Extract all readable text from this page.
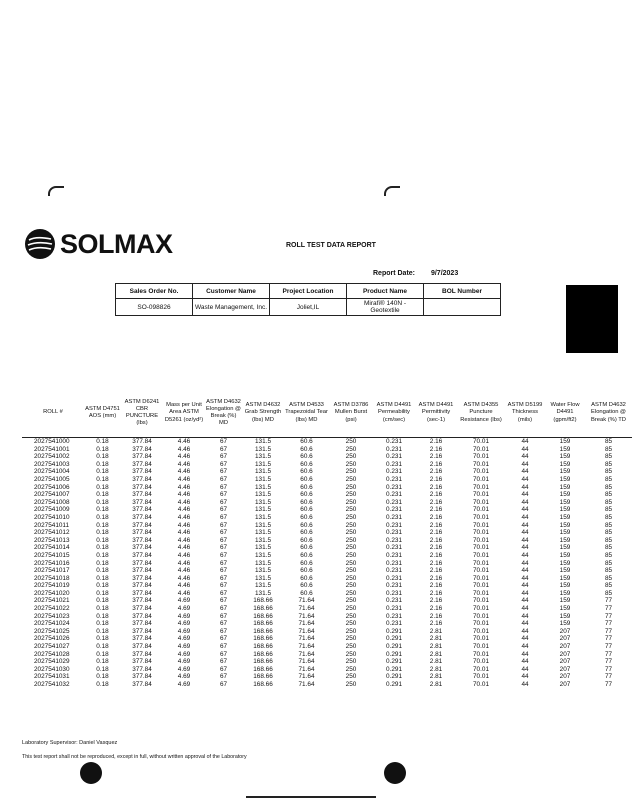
SOLMAX	ROLL TEST DATA REPORT
Report Date: 9/7/2023
Sales Order No.	Customer Name	Project Location	Product Name	BOL Number
SO-098826	Waste Management, Inc.	Joliet,IL	Mirafi® 140N - Geotextile	
ROLL #	ASTM D4751 AOS (mm)	ASTM D6241 CBR PUNCTURE (lbs)	Mass per Unit Area ASTM D5261 (oz/yd²)	ASTM D4632 Elongation @ Break (%) MD	ASTM D4632 Grab Strength (lbs) MD	ASTM D4533 Trapezoidal Tear (lbs) MD	ASTM D3786 Mullen Burst (psi)	ASTM D4491 Permeability (cm/sec)	ASTM D4491 Permittivity (sec-1)	ASTM D4355 Puncture Resistance (lbs)	ASTM D5199 Thickness (mils)	Water Flow D4491 (gpm/ft2)	ASTM D4632 Elongation @ Break (%) TD
2027541000	0.18	377.84	4.46	67	131.5	60.6	250	0.231	2.16	70.01	44	159	85
2027541001	0.18	377.84	4.46	67	131.5	60.6	250	0.231	2.16	70.01	44	159	85
2027541002	0.18	377.84	4.46	67	131.5	60.6	250	0.231	2.16	70.01	44	159	85
2027541003	0.18	377.84	4.46	67	131.5	60.6	250	0.231	2.16	70.01	44	159	85
2027541004	0.18	377.84	4.46	67	131.5	60.6	250	0.231	2.16	70.01	44	159	85
2027541005	0.18	377.84	4.46	67	131.5	60.6	250	0.231	2.16	70.01	44	159	85
2027541006	0.18	377.84	4.46	67	131.5	60.6	250	0.231	2.16	70.01	44	159	85
2027541007	0.18	377.84	4.46	67	131.5	60.6	250	0.231	2.16	70.01	44	159	85
2027541008	0.18	377.84	4.46	67	131.5	60.6	250	0.231	2.16	70.01	44	159	85
2027541009	0.18	377.84	4.46	67	131.5	60.6	250	0.231	2.16	70.01	44	159	85
2027541010	0.18	377.84	4.46	67	131.5	60.6	250	0.231	2.16	70.01	44	159	85
2027541011	0.18	377.84	4.46	67	131.5	60.6	250	0.231	2.16	70.01	44	159	85
2027541012	0.18	377.84	4.46	67	131.5	60.6	250	0.231	2.16	70.01	44	159	85
2027541013	0.18	377.84	4.46	67	131.5	60.6	250	0.231	2.16	70.01	44	159	85
2027541014	0.18	377.84	4.46	67	131.5	60.6	250	0.231	2.16	70.01	44	159	85
2027541015	0.18	377.84	4.46	67	131.5	60.6	250	0.231	2.16	70.01	44	159	85
2027541016	0.18	377.84	4.46	67	131.5	60.6	250	0.231	2.16	70.01	44	159	85
2027541017	0.18	377.84	4.46	67	131.5	60.6	250	0.231	2.16	70.01	44	159	85
2027541018	0.18	377.84	4.46	67	131.5	60.6	250	0.231	2.16	70.01	44	159	85
2027541019	0.18	377.84	4.46	67	131.5	60.6	250	0.231	2.16	70.01	44	159	85
2027541020	0.18	377.84	4.46	67	131.5	60.6	250	0.231	2.16	70.01	44	159	85
2027541021	0.18	377.84	4.69	67	168.66	71.64	250	0.231	2.16	70.01	44	159	77
2027541022	0.18	377.84	4.69	67	168.66	71.64	250	0.231	2.16	70.01	44	159	77
2027541023	0.18	377.84	4.69	67	168.66	71.64	250	0.231	2.16	70.01	44	159	77
2027541024	0.18	377.84	4.69	67	168.66	71.64	250	0.231	2.16	70.01	44	159	77
2027541025	0.18	377.84	4.69	67	168.66	71.64	250	0.291	2.81	70.01	44	207	77
2027541026	0.18	377.84	4.69	67	168.66	71.64	250	0.291	2.81	70.01	44	207	77
2027541027	0.18	377.84	4.69	67	168.66	71.64	250	0.291	2.81	70.01	44	207	77
2027541028	0.18	377.84	4.69	67	168.66	71.64	250	0.291	2.81	70.01	44	207	77
2027541029	0.18	377.84	4.69	67	168.66	71.64	250	0.291	2.81	70.01	44	207	77
2027541030	0.18	377.84	4.69	67	168.66	71.64	250	0.291	2.81	70.01	44	207	77
2027541031	0.18	377.84	4.69	67	168.66	71.64	250	0.291	2.81	70.01	44	207	77
2027541032	0.18	377.84	4.69	67	168.66	71.64	250	0.291	2.81	70.01	44	207	77
Laboratory Supervisor: Daniel Vasquez
This test report shall not be reproduced, except in full, without written approval of the Laboratory
